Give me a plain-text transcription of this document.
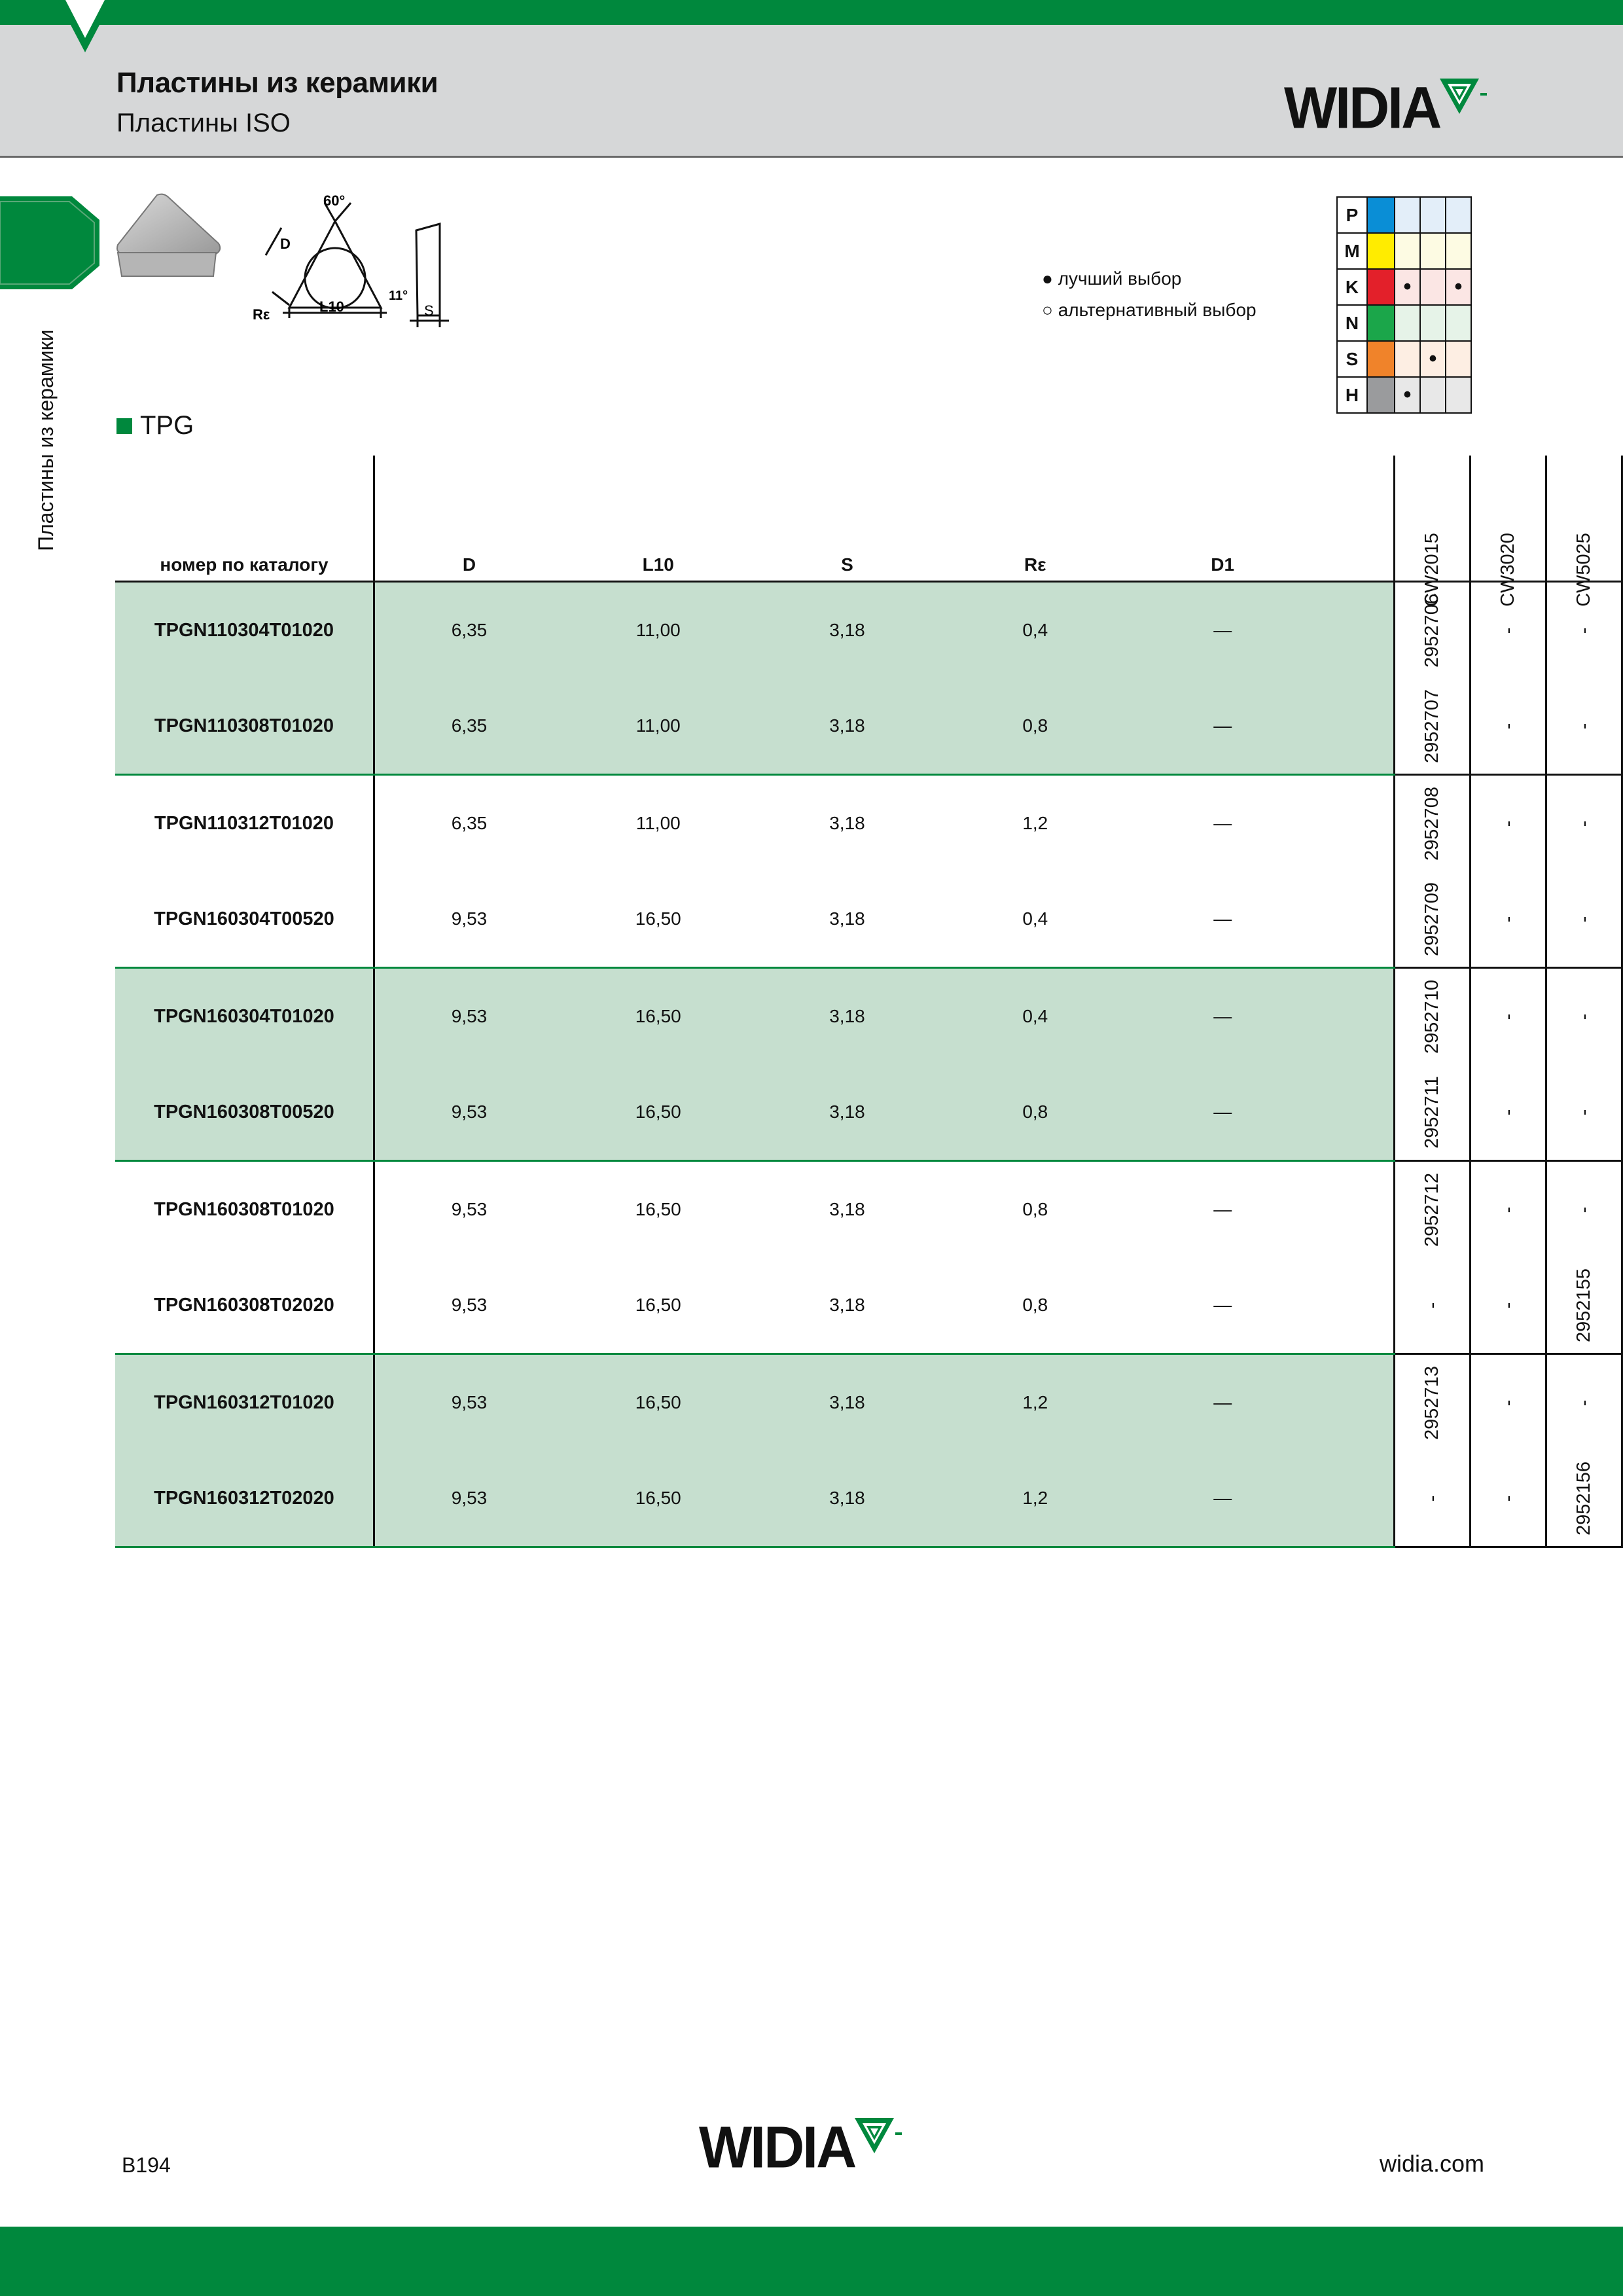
Пластины из керамики
Пластины ISO	WIDIA
Пластины из керамики
60°
D
Rε	L10
11°
S
● лучший выбор
○ альтернативный выбор
P				
M				
K		•		•
N				
S			•	
H		•		
TPG
номер по каталогу	D	L10	S	Rε	D1		CW2015	CW3020	CW5025
TPGN110304T01020	6,35	11,00	3,18	0,4	—		2952706	-	-
TPGN110308T01020	6,35	11,00	3,18	0,8	—		2952707	-	-
TPGN110312T01020	6,35	11,00	3,18	1,2	—		2952708	-	-
TPGN160304T00520	9,53	16,50	3,18	0,4	—		2952709	-	-
TPGN160304T01020	9,53	16,50	3,18	0,4	—		2952710	-	-
TPGN160308T00520	9,53	16,50	3,18	0,8	—		2952711	-	-
TPGN160308T01020	9,53	16,50	3,18	0,8	—		2952712	-	-
TPGN160308T02020	9,53	16,50	3,18	0,8	—		-	-	2952155
TPGN160312T01020	9,53	16,50	3,18	1,2	—		2952713	-	-
TPGN160312T02020	9,53	16,50	3,18	1,2	—		-	-	2952156
B194	WIDIA	widia.com
